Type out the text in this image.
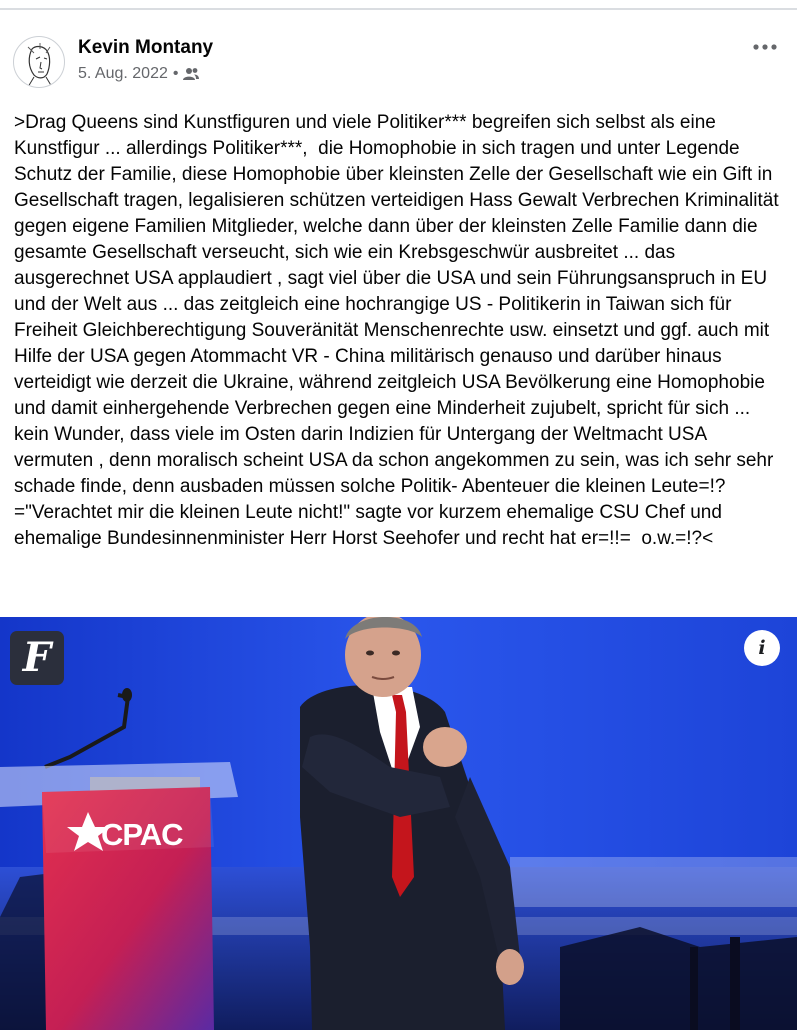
Kevin Montany
5. Aug. 2022 •

>Drag Queens sind Kunstfiguren und viele Politiker*** begreifen sich selbst als eine Kunstfigur ... allerdings Politiker***,  die Homophobie in sich tragen und unter Legende Schutz der Familie, diese Homophobie über kleinsten Zelle der Gesellschaft wie ein Gift in Gesellschaft tragen, legalisieren schützen verteidigen Hass Gewalt Verbrechen Kriminalität gegen eigene Familien Mitglieder, welche dann über der kleinsten Zelle Familie dann die gesamte Gesellschaft verseucht, sich wie ein Krebsgeschwür ausbreitet ... das ausgerechnet USA applaudiert , sagt viel über die USA und sein Führungsanspruch in EU und der Welt aus ... das zeitgleich eine hochrangige US - Politikerin in Taiwan sich für Freiheit Gleichberechtigung Souveränität Menschenrechte usw. einsetzt und ggf. auch mit Hilfe der USA gegen Atommacht VR - China militärisch genauso und darüber hinaus verteidigt wie derzeit die Ukraine, während zeitgleich USA Bevölkerung eine Homophobie und damit einhergehende Verbrechen gegen eine Minderheit zujubelt, spricht für sich ... kein Wunder, dass viele im Osten darin Indizien für Untergang der Weltmacht USA vermuten , denn moralisch scheint USA da schon angekommen zu sein, was ich sehr sehr schade finde, denn ausbaden müssen solche Politik- Abenteuer die kleinen Leute=!?="Verachtet mir die kleinen Leute nicht!" sagte vor kurzem ehemalige CSU Chef und ehemalige Bundesinnenminister Herr Horst Seehofer und recht hat er=!!=  o.w.=!?<

CPAC
F	i
